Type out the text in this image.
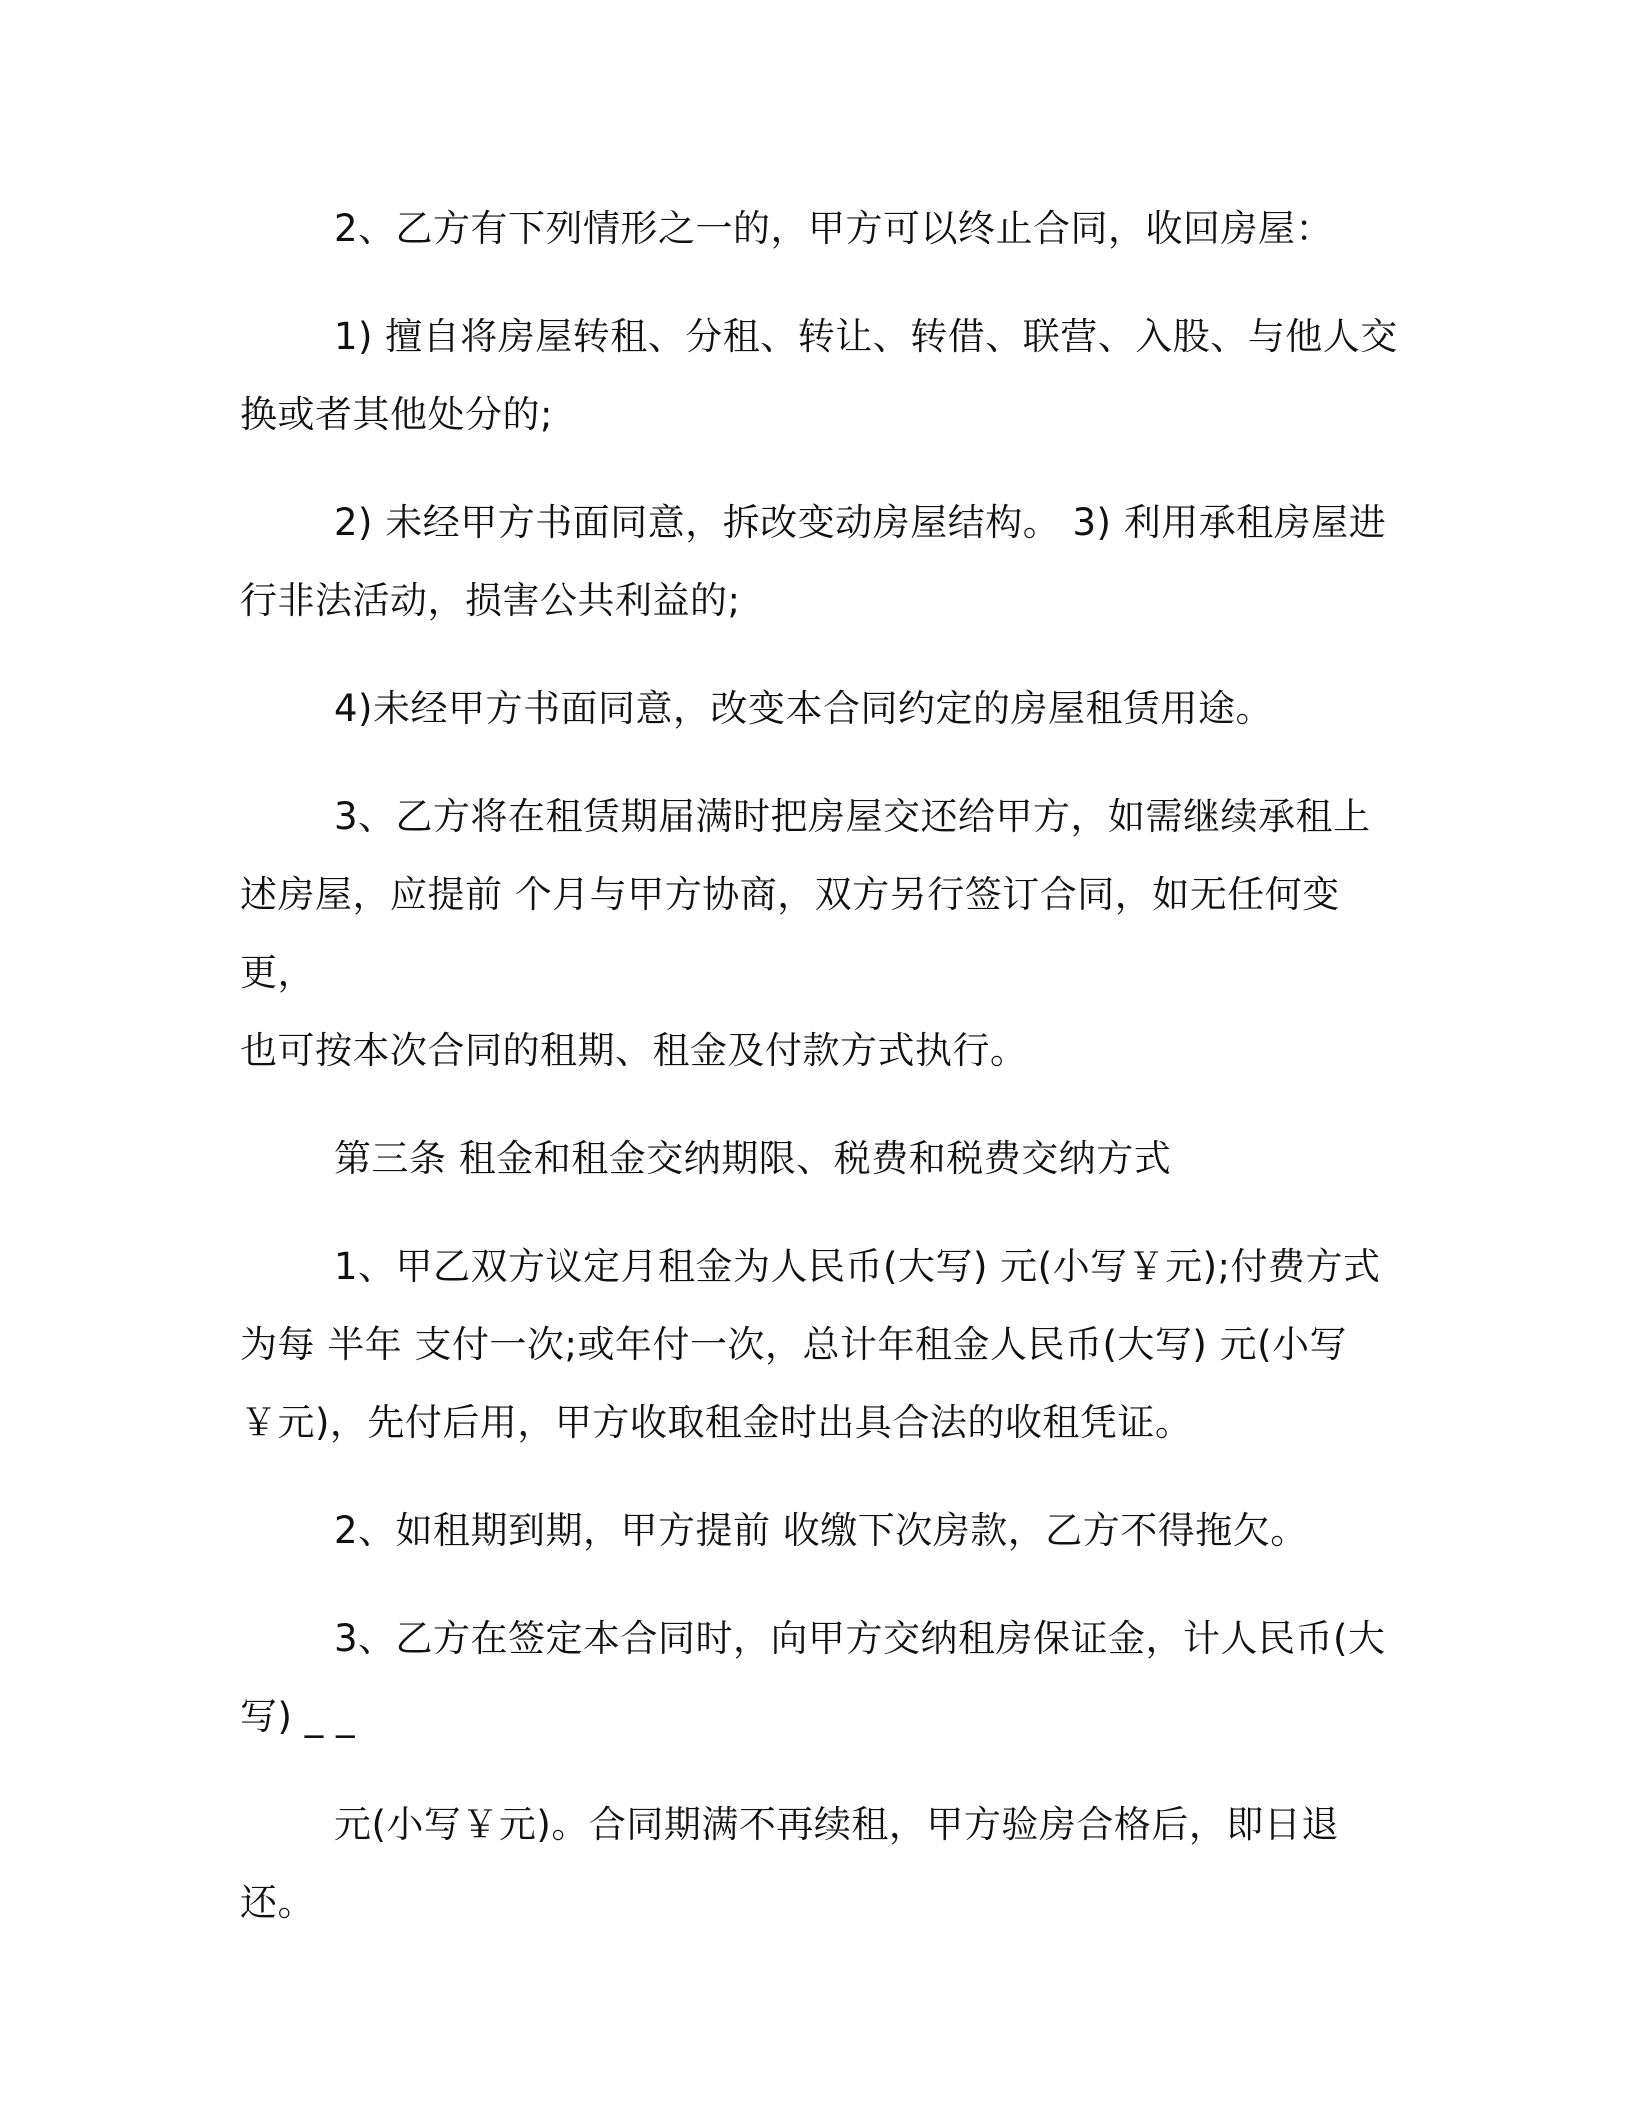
2、乙方有下列情形之一的，甲方可以终止合同，收回房屋：

1) 擅自将房屋转租、分租、转让、转借、联营、入股、与他人交
换或者其他处分的;

2) 未经甲方书面同意，拆改变动房屋结构。 3) 利用承租房屋进
行非法活动，损害公共利益的;

4)未经甲方书面同意，改变本合同约定的房屋租赁用途。

3、乙方将在租赁期届满时把房屋交还给甲方，如需继续承租上
述房屋，应提前 个月与甲方协商，双方另行签订合同，如无任何变更，
也可按本次合同的租期、租金及付款方式执行。

第三条 租金和租金交纳期限、税费和税费交纳方式

1、甲乙双方议定月租金为人民币(大写) 元(小写￥元);付费方式
为每 半年 支付一次;或年付一次，总计年租金人民币(大写) 元(小写
￥元)，先付后用，甲方收取租金时出具合法的收租凭证。

2、如租期到期，甲方提前 收缴下次房款，乙方不得拖欠。

3、乙方在签定本合同时，向甲方交纳租房保证金，计人民币(大
写) _ _

元(小写￥元)。合同期满不再续租，甲方验房合格后，即日退还。
